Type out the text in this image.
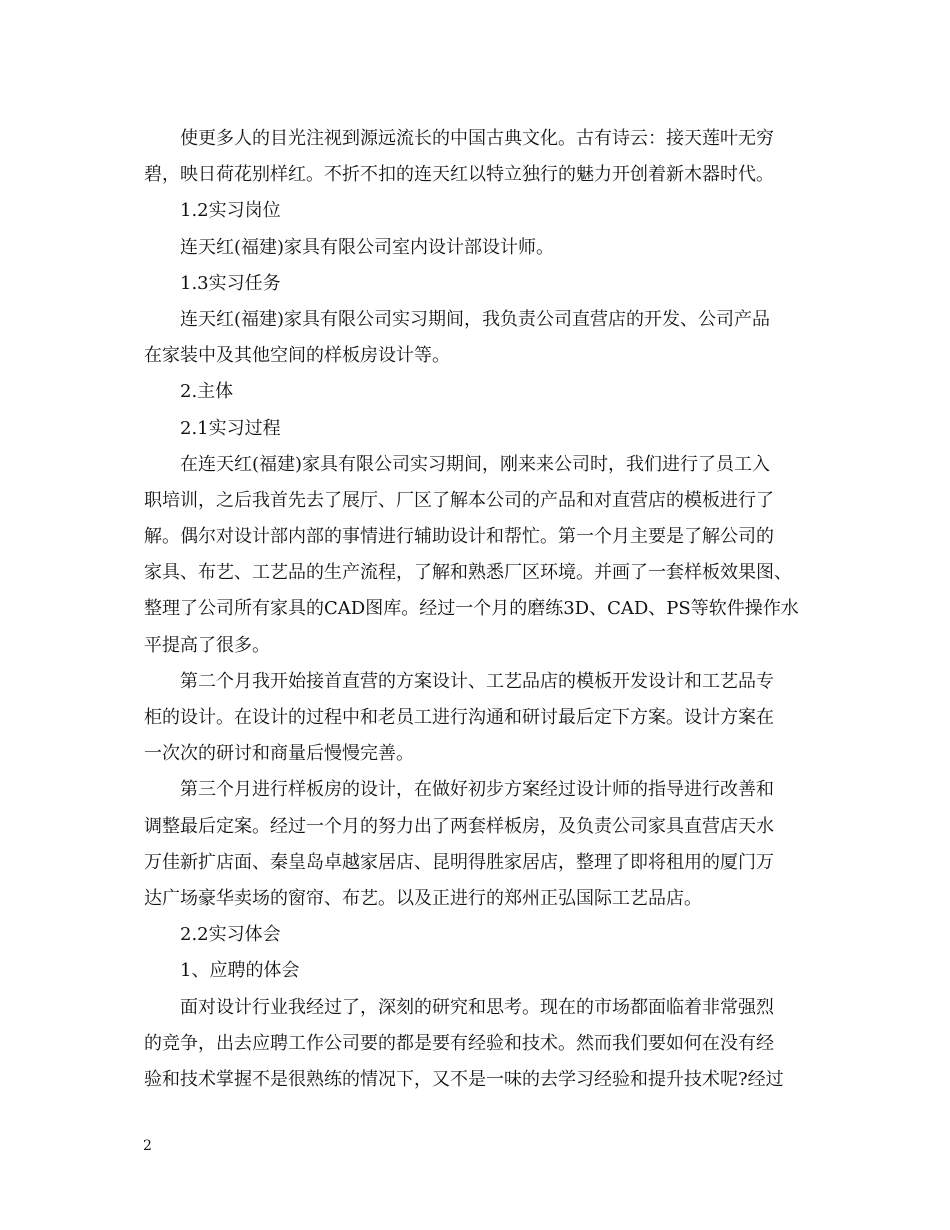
使更多人的目光注视到源远流长的中国古典文化。古有诗云：接天莲叶无穷
碧，映日荷花别样红。不折不扣的连天红以特立独行的魅力开创着新木器时代。
1.2实习岗位
连天红(福建)家具有限公司室内设计部设计师。
1.3实习任务
连天红(福建)家具有限公司实习期间，我负责公司直营店的开发、公司产品
在家装中及其他空间的样板房设计等。
2.主体
2.1实习过程
在连天红(福建)家具有限公司实习期间，刚来来公司时，我们进行了员工入
职培训，之后我首先去了展厅、厂区了解本公司的产品和对直营店的模板进行了
解。偶尔对设计部内部的事情进行辅助设计和帮忙。第一个月主要是了解公司的
家具、布艺、工艺品的生产流程，了解和熟悉厂区环境。并画了一套样板效果图、
整理了公司所有家具的CAD图库。经过一个月的磨练3D、CAD、PS等软件操作水
平提高了很多。
第二个月我开始接首直营的方案设计、工艺品店的模板开发设计和工艺品专
柜的设计。在设计的过程中和老员工进行沟通和研讨最后定下方案。设计方案在
一次次的研讨和商量后慢慢完善。
第三个月进行样板房的设计，在做好初步方案经过设计师的指导进行改善和
调整最后定案。经过一个月的努力出了两套样板房，及负责公司家具直营店天水
万佳新扩店面、秦皇岛卓越家居店、昆明得胜家居店，整理了即将租用的厦门万
达广场豪华卖场的窗帘、布艺。以及正进行的郑州正弘国际工艺品店。
2.2实习体会
1、应聘的体会
面对设计行业我经过了，深刻的研究和思考。现在的市场都面临着非常强烈
的竞争，出去应聘工作公司要的都是要有经验和技术。然而我们要如何在没有经
验和技术掌握不是很熟练的情况下，又不是一味的去学习经验和提升技术呢?经过
2
